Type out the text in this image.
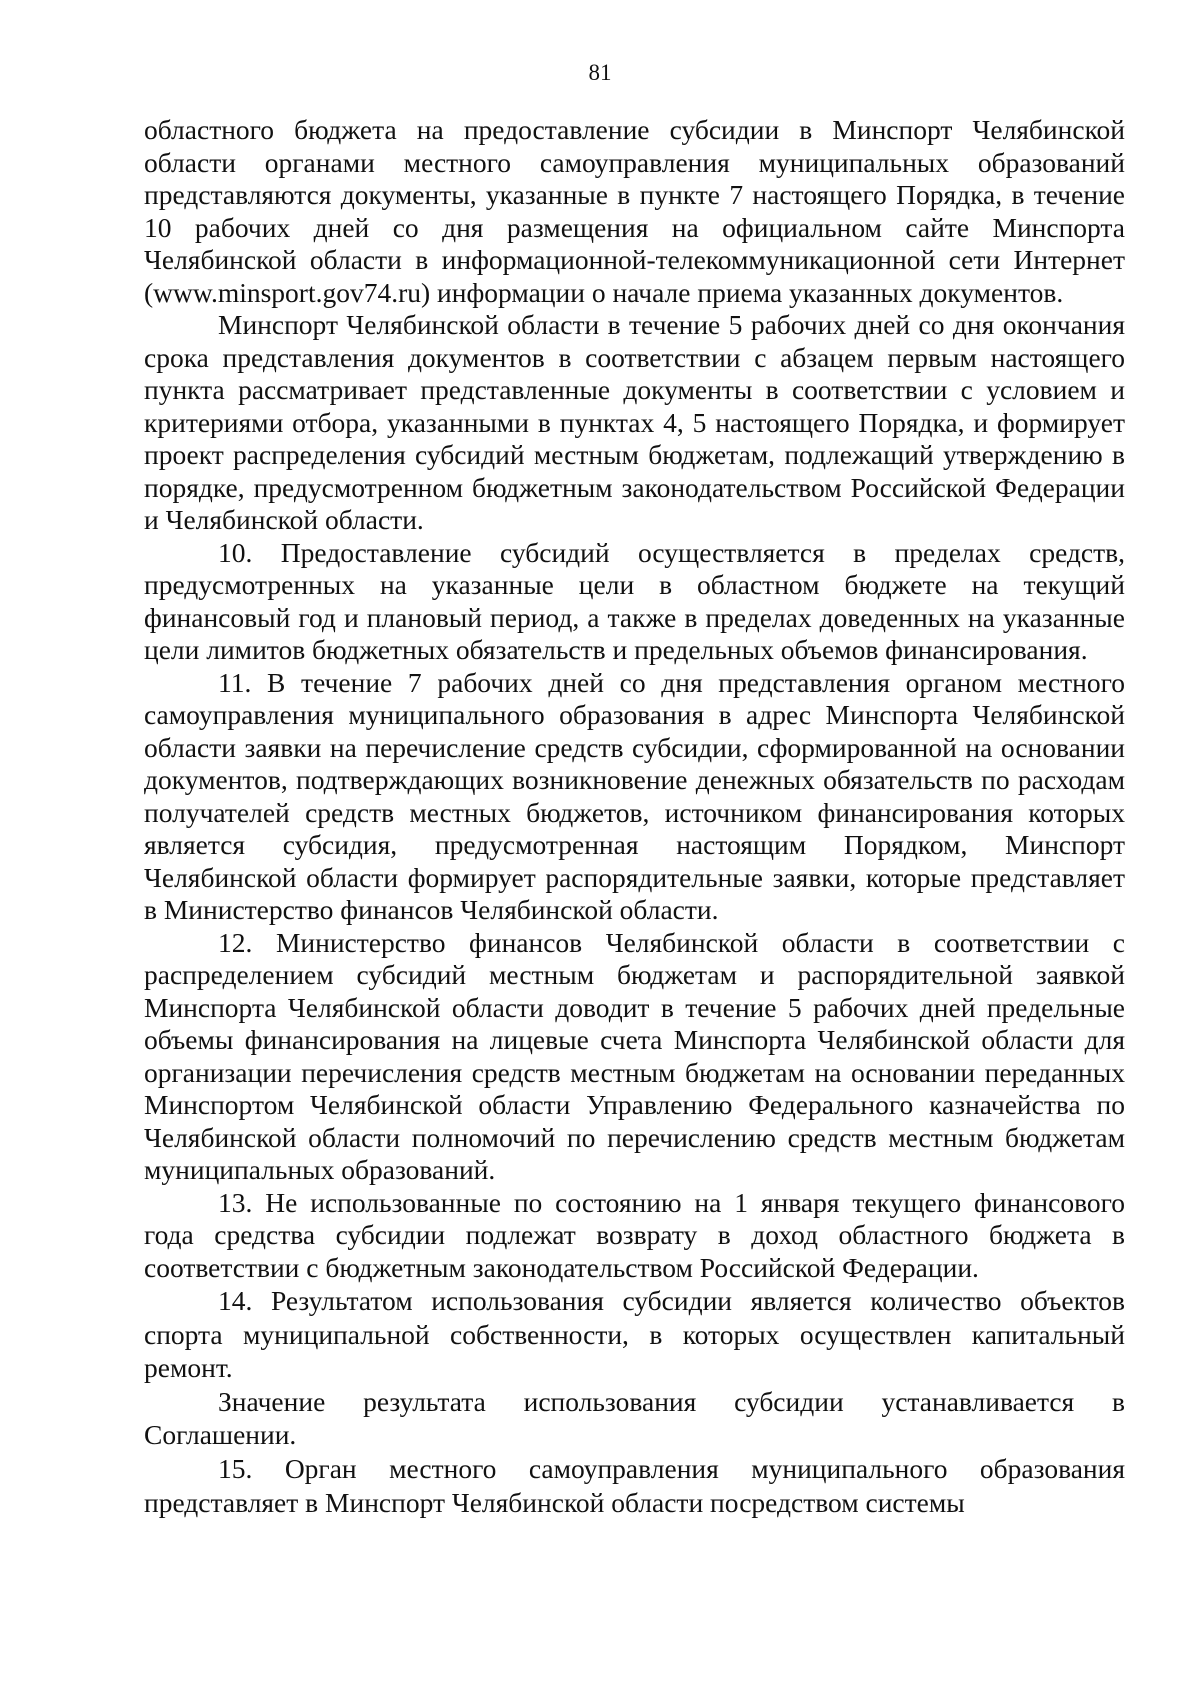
81

областного бюджета на предоставление субсидии в Минспорт Челябинской области органами местного самоуправления муниципальных образований представляются документы, указанные в пункте 7 настоящего Порядка, в течение 10 рабочих дней со дня размещения на официальном сайте Минспорта Челябинской области в информационной-телекоммуникационной сети Интернет (www.minsport.gov74.ru) информации о начале приема указанных документов.

Минспорт Челябинской области в течение 5 рабочих дней со дня окончания срока представления документов в соответствии с абзацем первым настоящего пункта рассматривает представленные документы в соответствии с условием и критериями отбора, указанными в пунктах 4, 5 настоящего Порядка, и формирует проект распределения субсидий местным бюджетам, подлежащий утверждению в порядке, предусмотренном бюджетным законодательством Российской Федерации и Челябинской области.

10. Предоставление субсидий осуществляется в пределах средств, предусмотренных на указанные цели в областном бюджете на текущий финансовый год и плановый период, а также в пределах доведенных на указанные цели лимитов бюджетных обязательств и предельных объемов финансирования.

11. В течение 7 рабочих дней со дня представления органом местного самоуправления муниципального образования в адрес Минспорта Челябинской области заявки на перечисление средств субсидии, сформированной на основании документов, подтверждающих возникновение денежных обязательств по расходам получателей средств местных бюджетов, источником финансирования которых является субсидия, предусмотренная настоящим Порядком, Минспорт Челябинской области формирует распорядительные заявки, которые представляет в Министерство финансов Челябинской области.

12. Министерство финансов Челябинской области в соответствии с распределением субсидий местным бюджетам и распорядительной заявкой Минспорта Челябинской области доводит в течение 5 рабочих дней предельные объемы финансирования на лицевые счета Минспорта Челябинской области для организации перечисления средств местным бюджетам на основании переданных Минспортом Челябинской области Управлению Федерального казначейства по Челябинской области полномочий по перечислению средств местным бюджетам муниципальных образований.

13. Не использованные по состоянию на 1 января текущего финансового года средства субсидии подлежат возврату в доход областного бюджета в соответствии с бюджетным законодательством Российской Федерации.

14. Результатом использования субсидии является количество объектов спорта муниципальной собственности, в которых осуществлен капитальный ремонт.

Значение результата использования субсидии устанавливается в Соглашении.

15. Орган местного самоуправления муниципального образования представляет в Минспорт Челябинской области посредством системы
